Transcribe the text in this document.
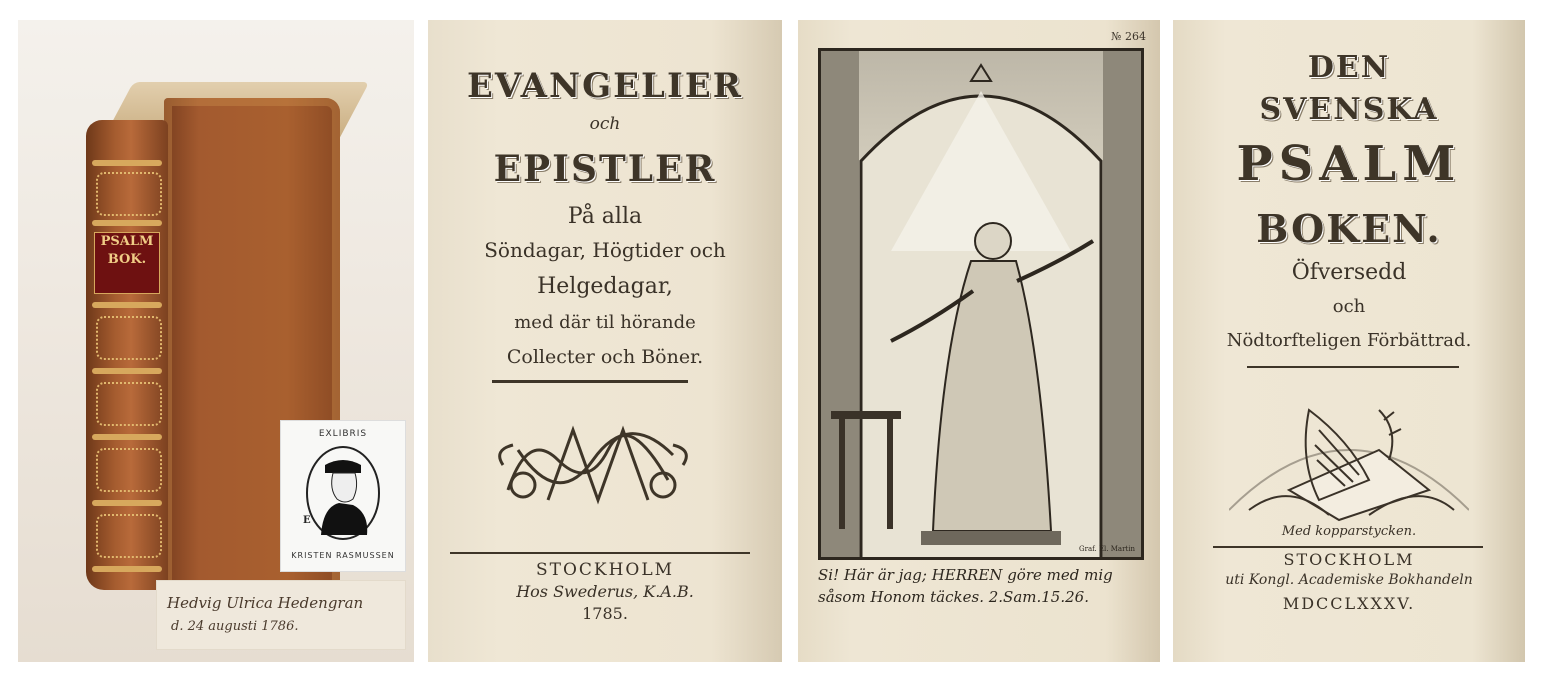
PSALM BOK.
EXLIBRIS
E
KRISTEN RASMUSSEN
Hedvig Ulrica Hedengran
d. 24 augusti 1786.
EVANGELIER
och
EPISTLER
På alla
Söndagar, Högtider och
Helgedagar,
med där til hörande
Collecter och Böner.
STOCKHOLM
Hos Swederus, K.A.B.
1785.
№ 264
Graf. El. Martin
Si! Här är jag; HERREN göre med mig
såsom Honom täckes. 2.Sam.15.26.
DEN
SVENSKA
PSALM
BOKEN.
Öfversedd
och
Nödtorfteligen Förbättrad.
Med kopparstycken.
STOCKHOLM
uti Kongl. Academiske Bokhandeln
MDCCLXXXV.
